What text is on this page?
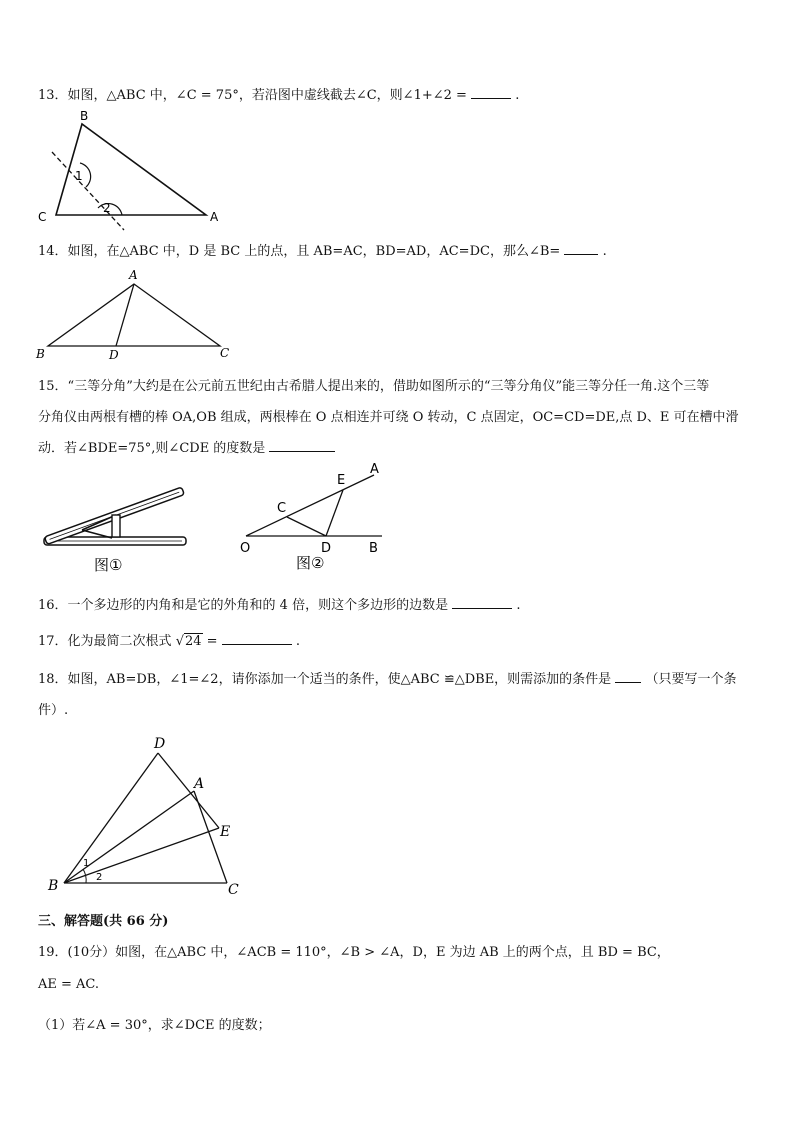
13．如图，△ABC 中，∠C = 75°，若沿图中虚线截去∠C，则∠1+∠2 =	.
B
C	A
1
2
14．如图，在△ABC 中，D 是 BC 上的点，且 AB=AC，BD=AD，AC=DC，那么∠B=	.
A
B	D	C
15．“三等分角”大约是在公元前五世纪由古希腊人提出来的，借助如图所示的“三等分角仪”能三等分任一角.这个三等
分角仪由两根有槽的棒 OA,OB 组成，两根棒在 O 点相连并可绕 O 转动，C 点固定，OC=CD=DE,点 D、E 可在槽中滑
动．若∠BDE=75°,则∠CDE 的度数是
图①
O
C
D	B
E
A
图②
16．一个多边形的内角和是它的外角和的 4 倍，则这个多边形的边数是	.
17．化为最简二次根式 √24 =	.
18．如图，AB=DB，∠1=∠2，请你添加一个适当的条件，使△ABC ≌△DBE，则需添加的条件是	（只要写一个条
件）.
D
A
E
B	C
1
2
三、解答题(共 66 分)
19．(10分）如图，在△ABC 中，∠ACB = 110°，∠B > ∠A，D，E 为边 AB 上的两个点，且 BD = BC，
AE = AC.
（1）若∠A = 30°，求∠DCE 的度数；
